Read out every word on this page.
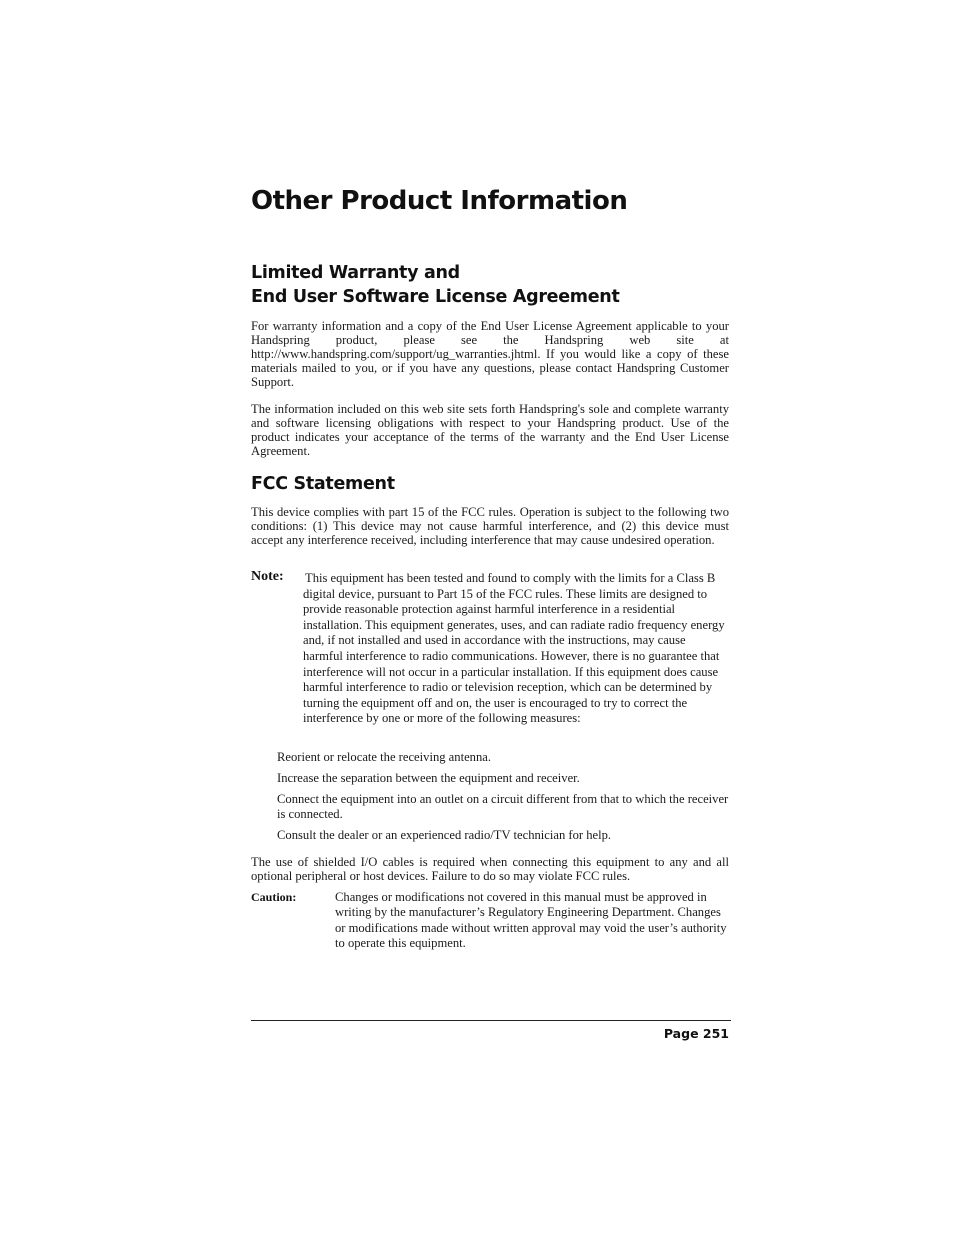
Other Product Information
Limited Warranty and
End User Software License Agreement

For warranty information and a copy of the End User License Agreement applicable to your Handspring product, please see the Handspring web site at http://www.handspring.com/support/ug_warranties.jhtml. If you would like a copy of these materials mailed to you, or if you have any questions, please contact Handspring Customer Support.

The information included on this web site sets forth Handspring's sole and complete warranty and software licensing obligations with respect to your Handspring product. Use of the product indicates your acceptance of the terms of the warranty and the End User License Agreement.

FCC Statement

This device complies with part 15 of the FCC rules. Operation is subject to the following two conditions: (1) This device may not cause harmful interference, and (2) this device must accept any interference received, including interference that may cause undesired operation.

Note: This equipment has been tested and found to comply with the limits for a Class B digital device, pursuant to Part 15 of the FCC rules. These limits are designed to provide reasonable protection against harmful interference in a residential installation. This equipment generates, uses, and can radiate radio frequency energy and, if not installed and used in accordance with the instructions, may cause harmful interference to radio communications. However, there is no guarantee that interference will not occur in a particular installation. If this equipment does cause harmful interference to radio or television reception, which can be determined by turning the equipment off and on, the user is encouraged to try to correct the interference by one or more of the following measures:

Reorient or relocate the receiving antenna.
Increase the separation between the equipment and receiver.
Connect the equipment into an outlet on a circuit different from that to which the receiver is connected.
Consult the dealer or an experienced radio/TV technician for help.

The use of shielded I/O cables is required when connecting this equipment to any and all optional peripheral or host devices. Failure to do so may violate FCC rules.

Caution:	Changes or modifications not covered in this manual must be approved in writing by the manufacturer’s Regulatory Engineering Department. Changes or modifications made without written approval may void the user’s authority to operate this equipment.
Page 251
